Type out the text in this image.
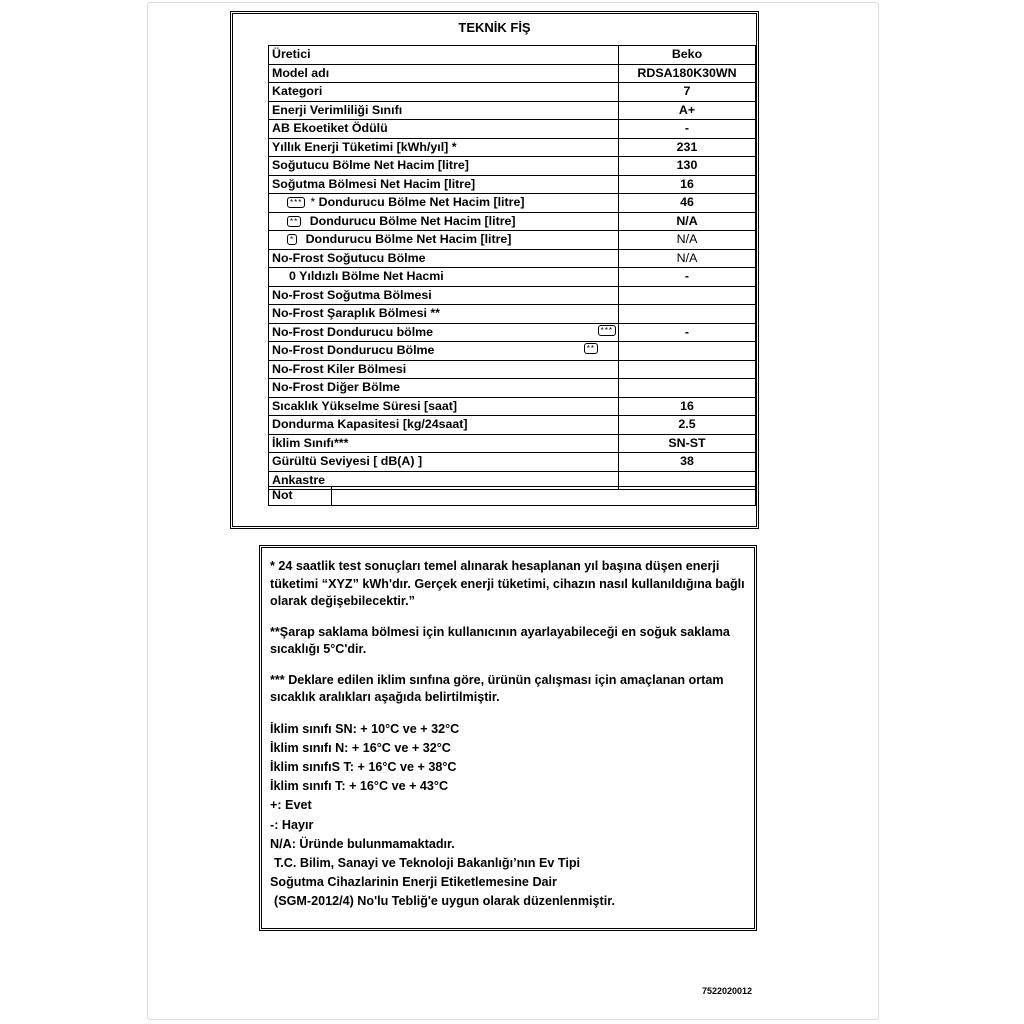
TEKNİK FİŞ
Üretici	Beko
Model adı	RDSA180K30WN
Kategori	7
Enerji Verimliliği Sınıfı	A+
AB Ekoetiket Ödülü	-
Yıllık Enerji Tüketimi [kWh/yıl] *	231
Soğutucu Bölme Net Hacim [litre]	130
Soğutma Bölmesi Net Hacim [litre]	16
*** * Dondurucu Bölme Net Hacim [litre]	46
** Dondurucu Bölme Net Hacim [litre]	N/A
* Dondurucu Bölme Net Hacim [litre]	N/A
No-Frost Soğutucu Bölme	N/A
0 Yıldızlı Bölme Net Hacmi	-
No-Frost Soğutma Bölmesi	
No-Frost Şaraplık Bölmesi **	
No-Frost Dondurucu bölme ***	-
No-Frost Dondurucu Bölme **	

No-Frost Kiler Bölmesi	
No-Frost Diğer Bölme	
Sıcaklık Yükselme Süresi [saat]	16
Dondurma Kapasitesi [kg/24saat]	2.5
İklim Sınıfı***	SN-ST
Gürültü Seviyesi [ dB(A) ]	38
Ankastre	
Not	

* 24 saatlik test sonuçları temel alınarak hesaplanan yıl başına düşen enerji tüketimi “XYZ” kWh'dır. Gerçek enerji tüketimi, cihazın nasıl kullanıldığına bağlı olarak değişebilecektir.”

**Şarap saklama bölmesi için kullanıcının ayarlayabileceği en soğuk saklama sıcaklığı 5°C'dir.

*** Deklare edilen iklim sınfına göre, ürünün çalışması için amaçlanan ortam sıcaklık aralıkları aşağıda belirtilmiştir.

İklim sınıfı SN: + 10°C ve + 32°C
İklim sınıfı N: + 16°C ve + 32°C
İklim sınıfıS T: + 16°C ve + 38°C
İklim sınıfı T: + 16°C ve + 43°C
+: Evet
-: Hayır
N/A: Üründe bulunmamaktadır.
T.C. Bilim, Sanayi ve Teknoloji Bakanlığı’nın Ev Tipi
Soğutma Cihazlarinin Enerji Etiketlemesine Dair
(SGM-2012/4) No'lu Tebliğ'e uygun olarak düzenlenmiştir.
7522020012
